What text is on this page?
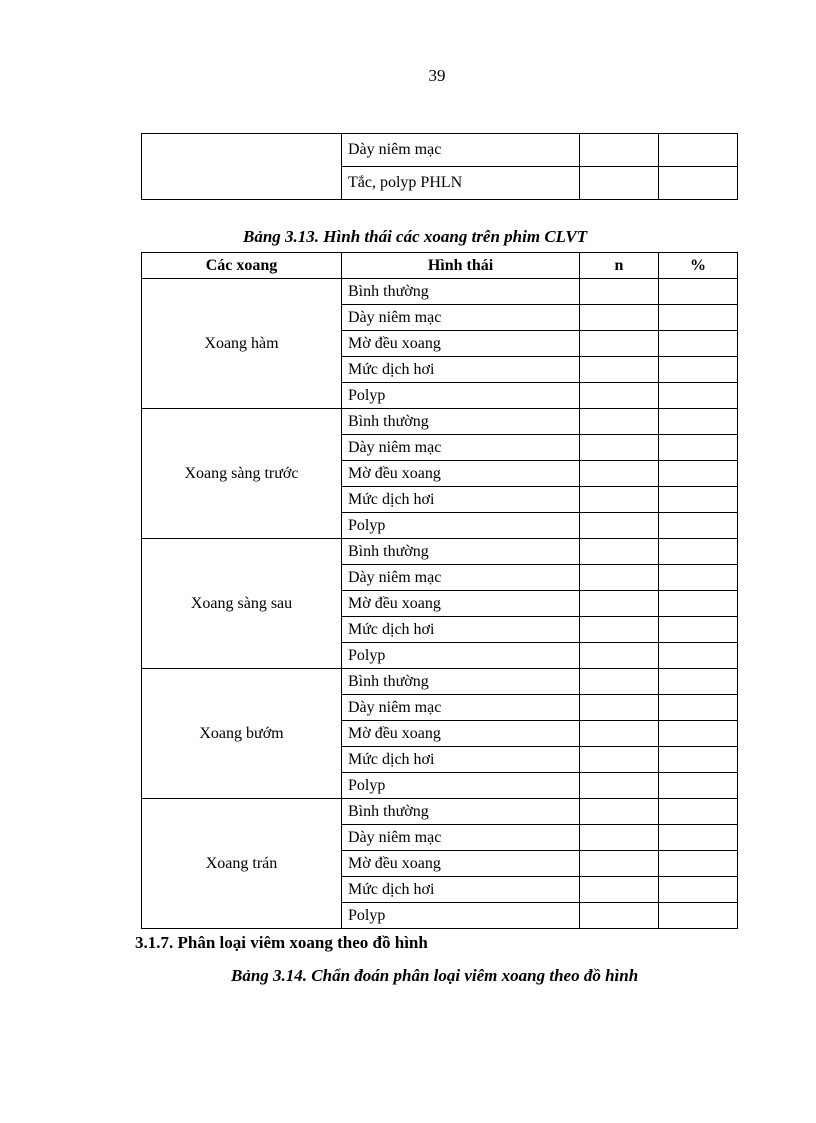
39
	Dày niêm mạc		
	Tắc, polyp PHLN		
Bảng 3.13. Hình thái các xoang trên phim CLVT
Các xoang	Hình thái	n	%
Xoang hàm	Bình thường		
	Dày niêm mạc		
	Mờ đều xoang		
	Mức dịch hơi		
	Polyp		
Xoang sàng trước	Bình thường		
	Dày niêm mạc		
	Mờ đều xoang		
	Mức dịch hơi		
	Polyp		
Xoang sàng sau	Bình thường		
	Dày niêm mạc		
	Mờ đều xoang		
	Mức dịch hơi		
	Polyp		
Xoang bướm	Bình thường		
	Dày niêm mạc		
	Mờ đều xoang		
	Mức dịch hơi		
	Polyp		
Xoang trán	Bình thường		
	Dày niêm mạc		
	Mờ đều xoang		
	Mức dịch hơi		
	Polyp		
3.1.7. Phân loại viêm xoang theo đồ hình
Bảng 3.14. Chẩn đoán phân loại viêm xoang theo đồ hình
